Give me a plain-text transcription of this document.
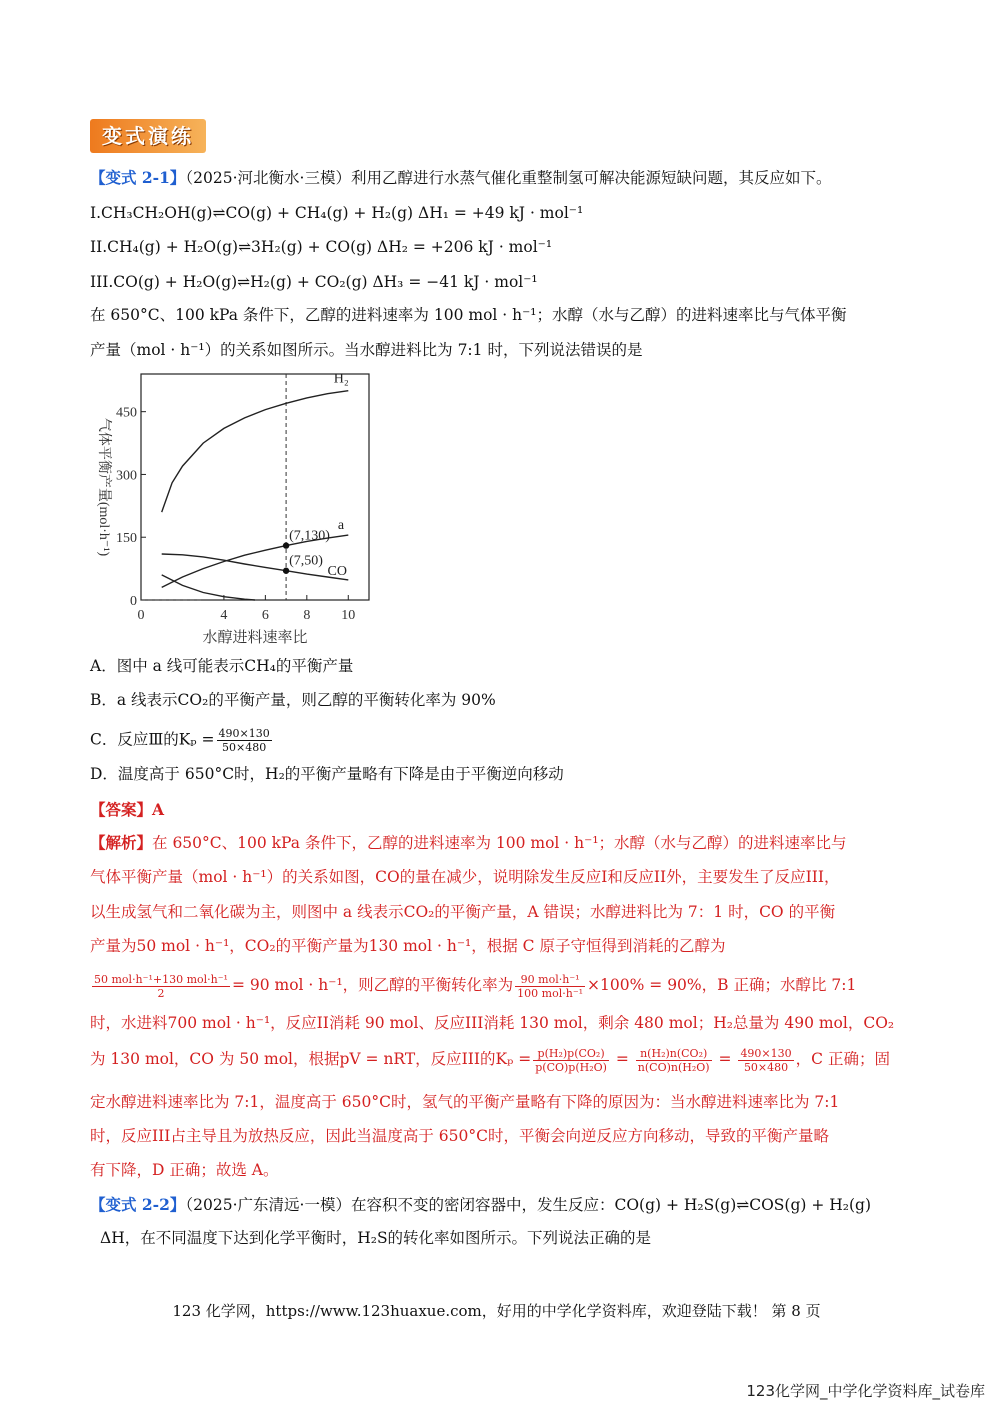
变式演练
【变式 2-1】（2025·河北衡水·三模）利用乙醇进行水蒸气催化重整制氢可解决能源短缺问题，其反应如下。
I.CH₃CH₂OH(g)⇌CO(g) + CH₄(g) + H₂(g) ΔH₁ = +49 kJ · mol⁻¹
II.CH₄(g) + H₂O(g)⇌3H₂(g) + CO(g) ΔH₂ = +206 kJ · mol⁻¹
III.CO(g) + H₂O(g)⇌H₂(g) + CO₂(g) ΔH₃ = −41 kJ · mol⁻¹
在 650°C、100 kPa 条件下，乙醇的进料速率为 100 mol · h⁻¹；水醇（水与乙醇）的进料速率比与气体平衡
产量（mol · h⁻¹）的关系如图所示。当水醇进料比为 7:1 时，下列说法错误的是
0
150
300
450
0	4 6 8 10
(7,130)
(7,50)
H₂
a
CO
水醇进料速率比
气体平衡产量(mol·h⁻¹)
A．图中 a 线可能表示CH₄的平衡产量
B．a 线表示CO₂的平衡产量，则乙醇的平衡转化率为 90%
C．反应Ⅲ的$K_p = \frac{490\times 130}{50\times 480}$
D．温度高于 650°C时，H₂的平衡产量略有下降是由于平衡逆向移动
【答案】A
【解析】在 650°C、100 kPa 条件下，乙醇的进料速率为 100 mol · h⁻¹；水醇（水与乙醇）的进料速率比与
气体平衡产量（mol · h⁻¹）的关系如图，CO的量在减少，说明除发生反应I和反应II外，主要发生了反应III，
以生成氢气和二氧化碳为主，则图中 a 线表示CO₂的平衡产量，A 错误；水醇进料比为 7：1 时，CO 的平衡
产量为50 mol · h⁻¹，CO₂的平衡产量为130 mol · h⁻¹，根据 C 原子守恒得到消耗的乙醇为
$\frac{\text{50 mol·h⁻¹+130 mol·h⁻¹}}{2} = 90$ mol · h⁻¹，则乙醇的平衡转化率为 $\frac{\text{90 mol·h⁻¹}}{\text{100 mol·h⁻¹}} \times 100\% = 90\%$，B 正确；水醇比 7:1
时，水进料700 mol · h⁻¹，反应II消耗 90 mol、反应III消耗 130 mol，剩余 480 mol；H₂总量为 490 mol，CO₂
为 130 mol，CO 为 50 mol，根据pV = nRT，反应III的$K_p = \frac{\text{p(H₂)p(CO₂)}}{\text{p(CO)p(H₂O)}} = \frac{\text{n(H₂)n(CO₂)}}{\text{n(CO)n(H₂O)}} = \frac{490\times 130}{50\times 480}$ ，C 正确；固
定水醇进料速率比为 7:1，温度高于 650°C时，氢气的平衡产量略有下降的原因为：当水醇进料速率比为 7:1
时，反应III占主导且为放热反应，因此当温度高于 650°C时，平衡会向逆反应方向移动，导致的平衡产量略
有下降，D 正确；故选 A。
【变式 2-2】（2025·广东清远·一模）在容积不变的密闭容器中，发生反应：CO(g) + H₂S(g)⇌COS(g) + H₂(g)
ΔH，在不同温度下达到化学平衡时，H₂S的转化率如图所示。下列说法正确的是
123 化学网，https://www.123huaxue.com，好用的中学化学资料库，欢迎登陆下载！ 第 8 页
123化学网_中学化学资料库_试卷库
